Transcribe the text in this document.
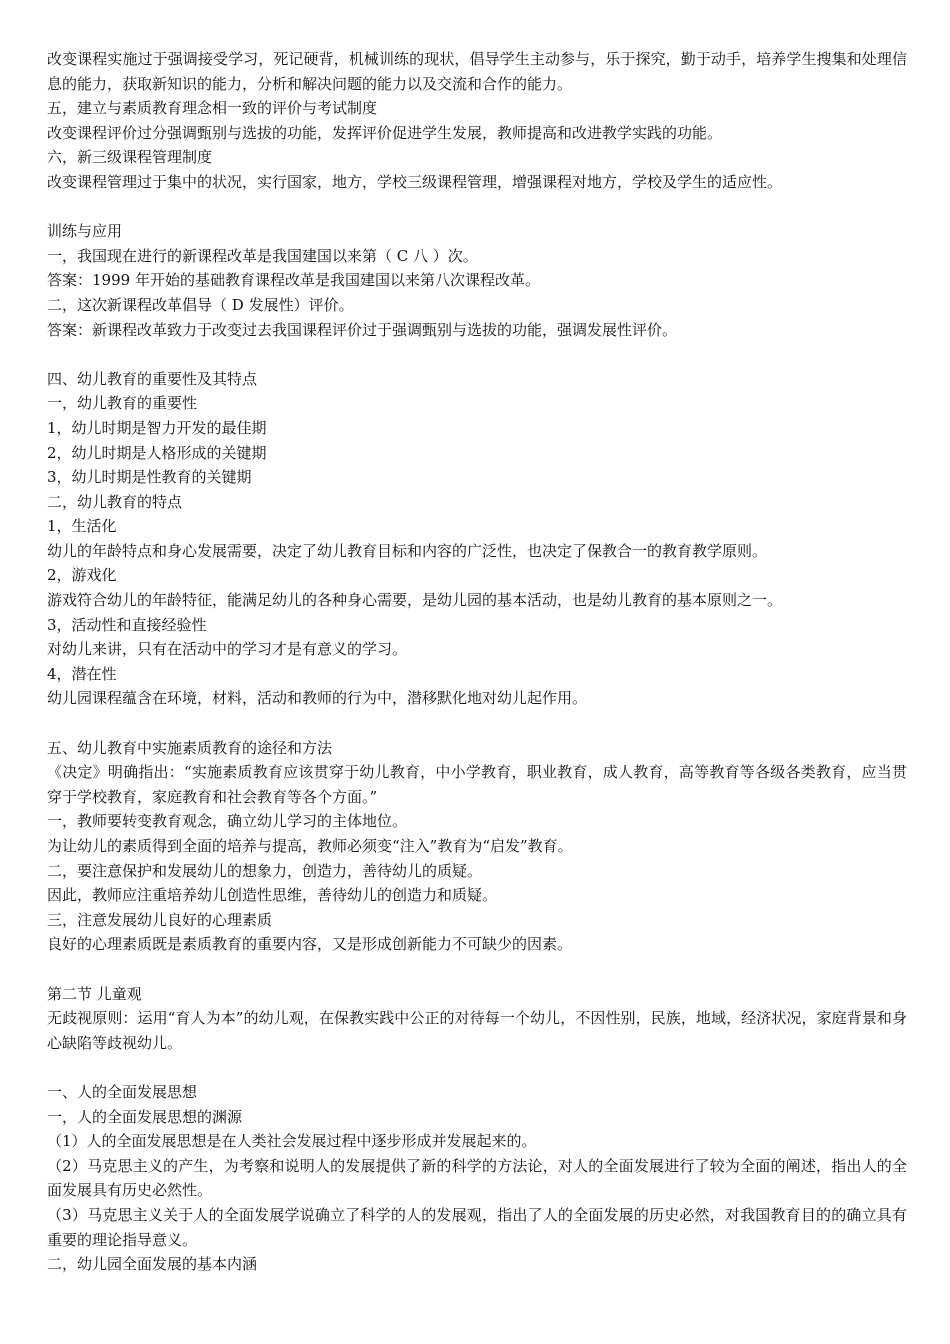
改变课程实施过于强调接受学习，死记硬背，机械训练的现状，倡导学生主动参与，乐于探究，勤于动手，培养学生搜集和处理信息的能力，获取新知识的能力，分析和解决问题的能力以及交流和合作的能力。
五，建立与素质教育理念相一致的评价与考试制度
改变课程评价过分强调甄别与选拔的功能，发挥评价促进学生发展，教师提高和改进教学实践的功能。
六，新三级课程管理制度
改变课程管理过于集中的状况，实行国家，地方，学校三级课程管理，增强课程对地方，学校及学生的适应性。
训练与应用
一，我国现在进行的新课程改革是我国建国以来第（ C 八 ）次。
答案：1999 年开始的基础教育课程改革是我国建国以来第八次课程改革。
二，这次新课程改革倡导（ D 发展性）评价。
答案：新课程改革致力于改变过去我国课程评价过于强调甄别与选拔的功能，强调发展性评价。
四、幼儿教育的重要性及其特点
一，幼儿教育的重要性
1，幼儿时期是智力开发的最佳期
2，幼儿时期是人格形成的关键期
3，幼儿时期是性教育的关键期
二，幼儿教育的特点
1，生活化
幼儿的年龄特点和身心发展需要，决定了幼儿教育目标和内容的广泛性，也决定了保教合一的教育教学原则。
2，游戏化
游戏符合幼儿的年龄特征，能满足幼儿的各种身心需要，是幼儿园的基本活动，也是幼儿教育的基本原则之一。
3，活动性和直接经验性
对幼儿来讲，只有在活动中的学习才是有意义的学习。
4，潜在性
幼儿园课程蕴含在环境，材料，活动和教师的行为中，潜移默化地对幼儿起作用。
五、幼儿教育中实施素质教育的途径和方法
《决定》明确指出：“实施素质教育应该贯穿于幼儿教育，中小学教育，职业教育，成人教育，高等教育等各级各类教育，应当贯穿于学校教育，家庭教育和社会教育等各个方面。”
一，教师要转变教育观念，确立幼儿学习的主体地位。
为让幼儿的素质得到全面的培养与提高，教师必须变“注入”教育为“启发”教育。
二，要注意保护和发展幼儿的想象力，创造力，善待幼儿的质疑。
因此，教师应注重培养幼儿创造性思维，善待幼儿的创造力和质疑。
三，注意发展幼儿良好的心理素质
良好的心理素质既是素质教育的重要内容，又是形成创新能力不可缺少的因素。
第二节 儿童观
无歧视原则：运用“育人为本”的幼儿观，在保教实践中公正的对待每一个幼儿，不因性别，民族，地域，经济状况，家庭背景和身心缺陷等歧视幼儿。
一、人的全面发展思想
一，人的全面发展思想的渊源
（1）人的全面发展思想是在人类社会发展过程中逐步形成并发展起来的。
（2）马克思主义的产生，为考察和说明人的发展提供了新的科学的方法论，对人的全面发展进行了较为全面的阐述，指出人的全面发展具有历史必然性。
（3）马克思主义关于人的全面发展学说确立了科学的人的发展观，指出了人的全面发展的历史必然，对我国教育目的的确立具有重要的理论指导意义。
二，幼儿园全面发展的基本内涵
